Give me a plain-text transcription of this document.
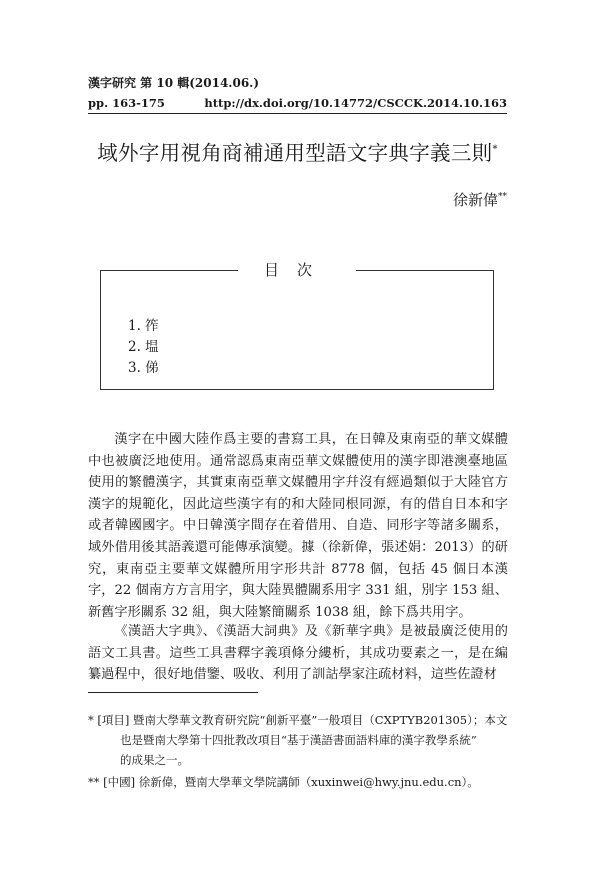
漢字研究 第 10 輯(2014.06.)
pp. 163-175	http://dx.doi.org/10.14772/CSCCK.2014.10.163
域外字用視角商補通用型語文字典字義三則*
徐新偉**
目次
1. 筰
2. 塭
3. 俤

漢字在中國大陸作爲主要的書寫工具，在日韓及東南亞的華文媒體中也被廣泛地使用。通常認爲東南亞華文媒體使用的漢字即港澳臺地區使用的繁體漢字，其實東南亞華文媒體用字幷沒有經過類似于大陸官方漢字的規範化，因此這些漢字有的和大陸同根同源，有的借自日本和字或者韓國國字。中日韓漢字間存在着借用、自造、同形字等諸多關系，域外借用後其語義還可能傳承演變。據（徐新偉，張述娟：2013）的研究，東南亞主要華文媒體所用字形共計 8778 個，包括 45 個日本漢字，22 個南方方言用字，與大陸異體關系用字 331 組，別字 153 組、新舊字形關系 32 組，與大陸繁簡關系 1038 組，餘下爲共用字。

《漢語大字典》、《漢語大詞典》及《新華字典》是被最廣泛使用的語文工具書。這些工具書釋字義項條分縷析，其成功要素之一，是在編纂過程中，很好地借鑒、吸收、利用了訓詁學家注疏材料，這些佐證材

* [項目] 暨南大學華文教育研究院“創新平臺”一般項目（CXPTYB201305）；本文
也是暨南大學第十四批教改項目“基于漢語書面語料庫的漢字教學系統”
的成果之一。
** [中國] 徐新偉，暨南大學華文學院講師（xuxinwei@hwy.jnu.edu.cn）。
